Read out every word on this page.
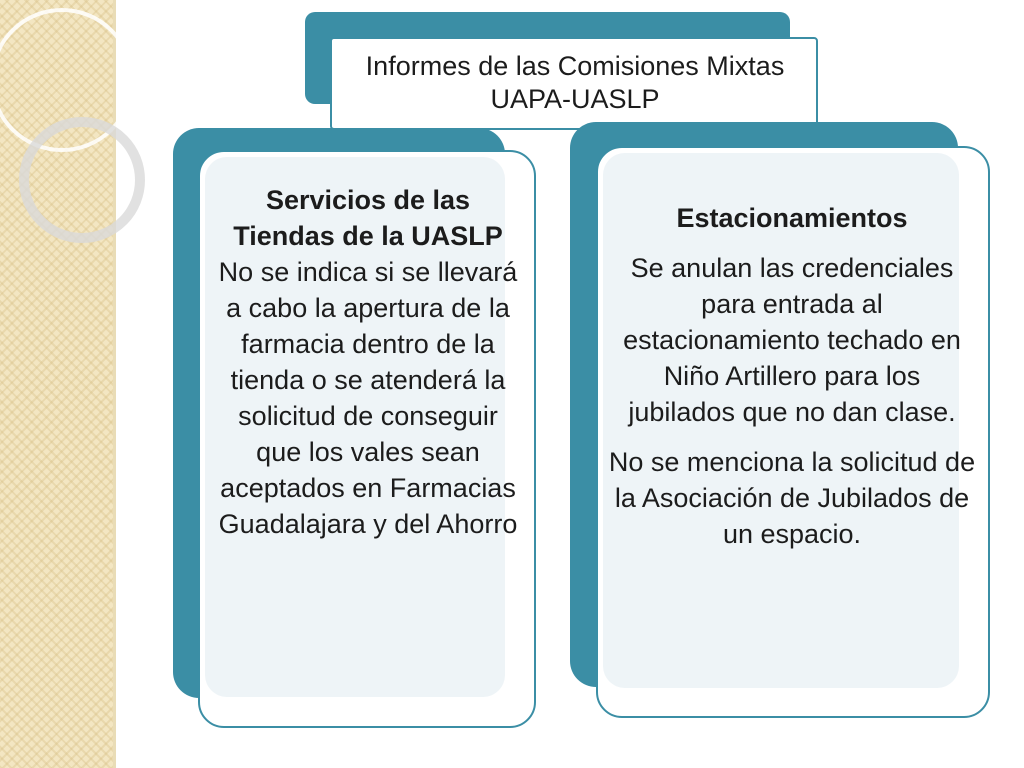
Informes de las Comisiones Mixtas UAPA-UASLP

Servicios de las Tiendas de la UASLP

No se indica si se llevará a cabo la apertura de la farmacia dentro de la tienda o se atenderá la solicitud de conseguir que los vales sean aceptados en Farmacias Guadalajara y del Ahorro

Estacionamientos

Se anulan las credenciales para entrada al estacionamiento techado en Niño Artillero para los jubilados que no dan clase.

No se menciona la solicitud de la Asociación de Jubilados de un espacio.
